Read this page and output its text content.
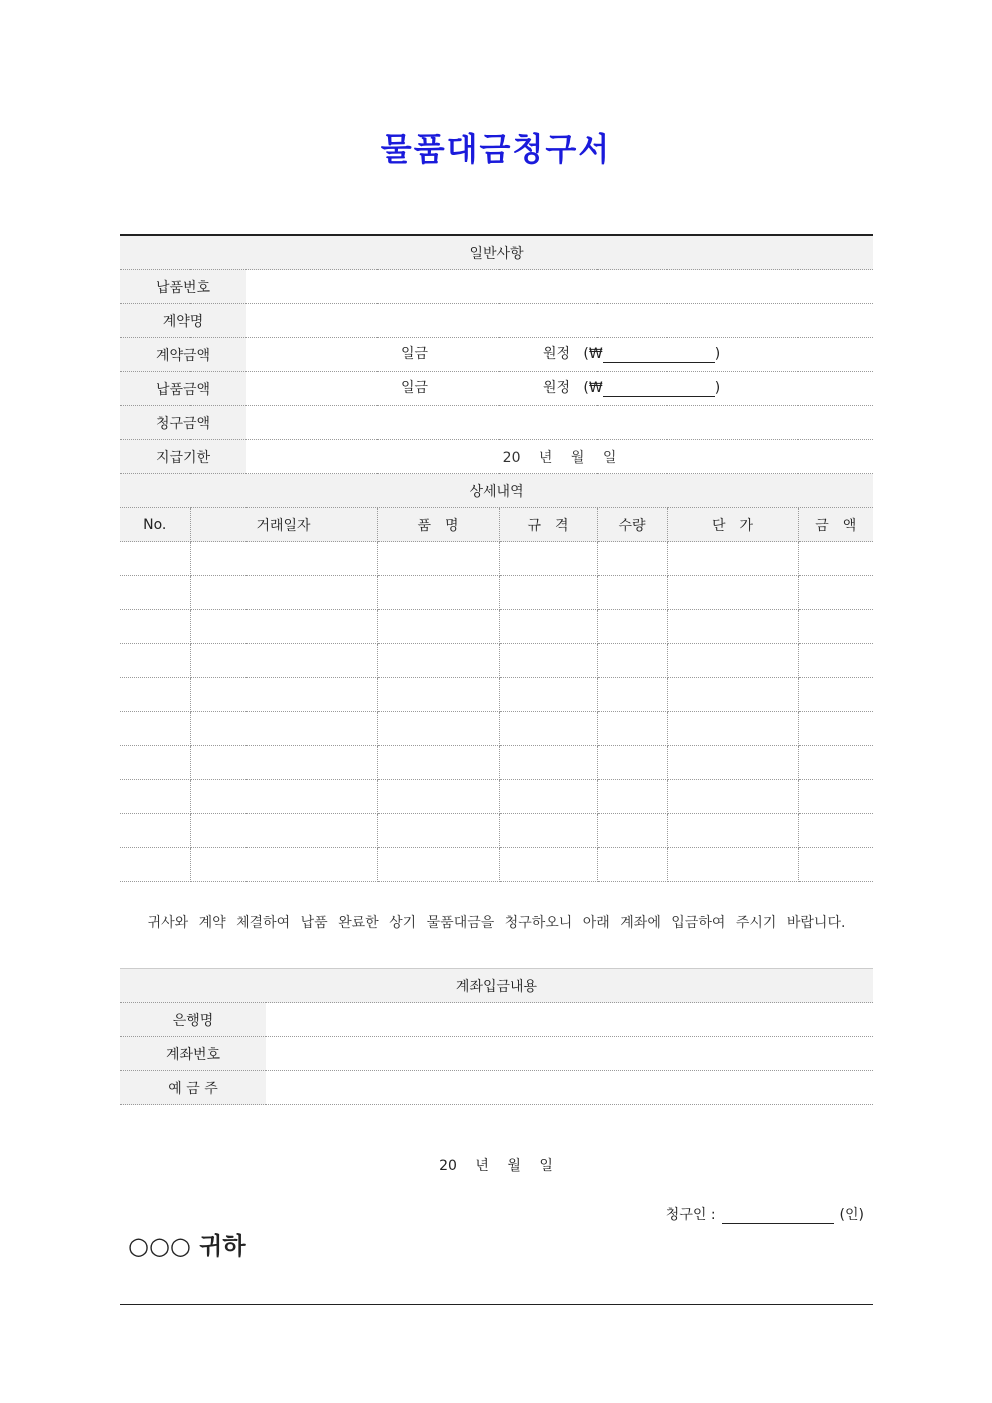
물품대금청구서
일반사항							
납품번호							
계약명							
계약금액		일금 원정 (₩ )					

납품금액		일금 원정 (₩ )					

청구금액							
지급기한		20 년 월 일					
상세내역							
No.	거래일자		품　명	규　격	수량	단　가	금　액

귀사와 계약 체결하여 납품 완료한 상기 물품대금을 청구하오니 아래 계좌에 입금하여 주시기 바랍니다.
계좌입금내용	
은행명	
계좌번호	
예 금 주	
20 년 월 일
청구인 :	(인)
○○○ 귀하
